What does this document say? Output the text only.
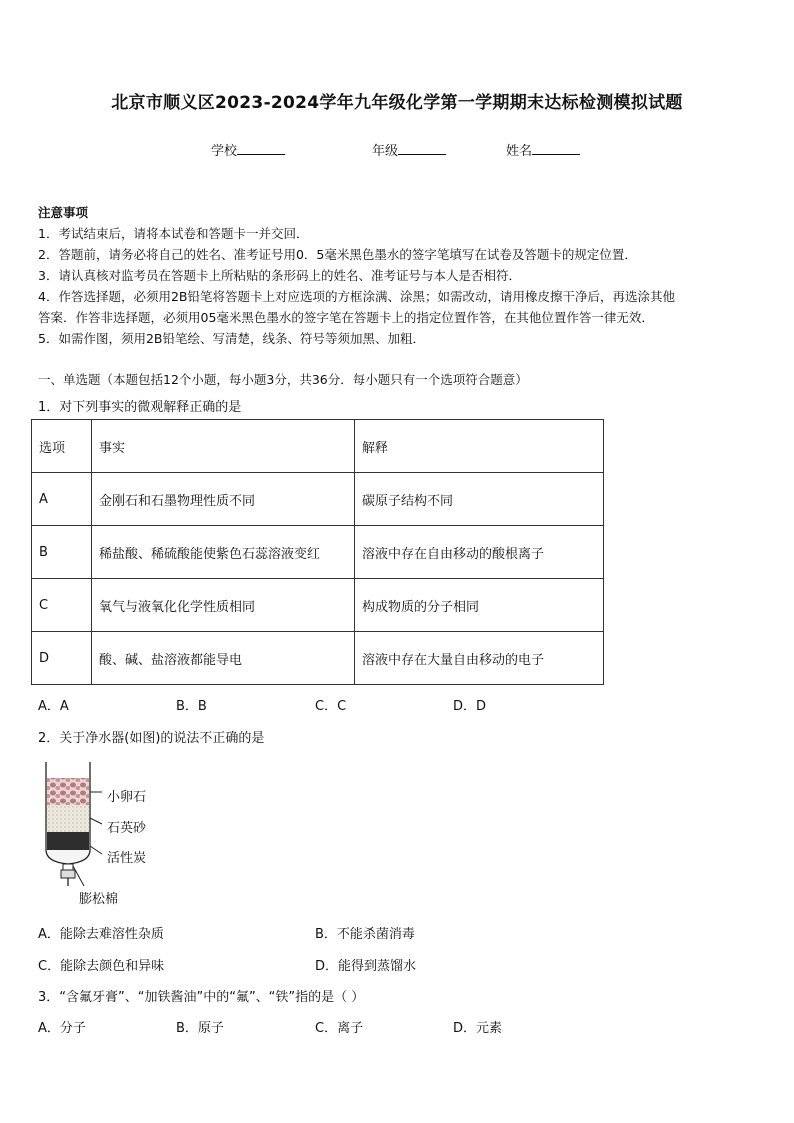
北京市顺义区2023-2024学年九年级化学第一学期期末达标检测模拟试题
学校	年级	姓名
注意事项
1．考试结束后，请将本试卷和答题卡一并交回．
2．答题前，请务必将自己的姓名、准考证号用0．5毫米黑色墨水的签字笔填写在试卷及答题卡的规定位置．
3．请认真核对监考员在答题卡上所粘贴的条形码上的姓名、准考证号与本人是否相符．
4．作答选择题，必须用2B铅笔将答题卡上对应选项的方框涂满、涂黑；如需改动，请用橡皮擦干净后，再选涂其他
答案．作答非选择题，必须用05毫米黑色墨水的签字笔在答题卡上的指定位置作答，在其他位置作答一律无效．
5．如需作图，须用2B铅笔绘、写清楚，线条、符号等须加黑、加粗．
一、单选题（本题包括12个小题，每小题3分，共36分．每小题只有一个选项符合题意）
1．对下列事实的微观解释正确的是
选项	事实	解释
A	金刚石和石墨物理性质不同	碳原子结构不同
B	稀盐酸、稀硫酸能使紫色石蕊溶液变红	溶液中存在自由移动的酸根离子
C	氧气与液氧化化学性质相同	构成物质的分子相同
D	酸、碱、盐溶液都能导电	溶液中存在大量自由移动的电子
A．A	B．B	C．C	D．D
2．关于净水器(如图)的说法不正确的是
小卵石
石英砂
活性炭
膨松棉
A．能除去难溶性杂质	B．不能杀菌消毒
C．能除去颜色和异味	D．能得到蒸馏水
3．“含氟牙膏”、“加铁酱油”中的“氟”、“铁”指的是（ ）
A．分子	B．原子	C．离子	D．元素
